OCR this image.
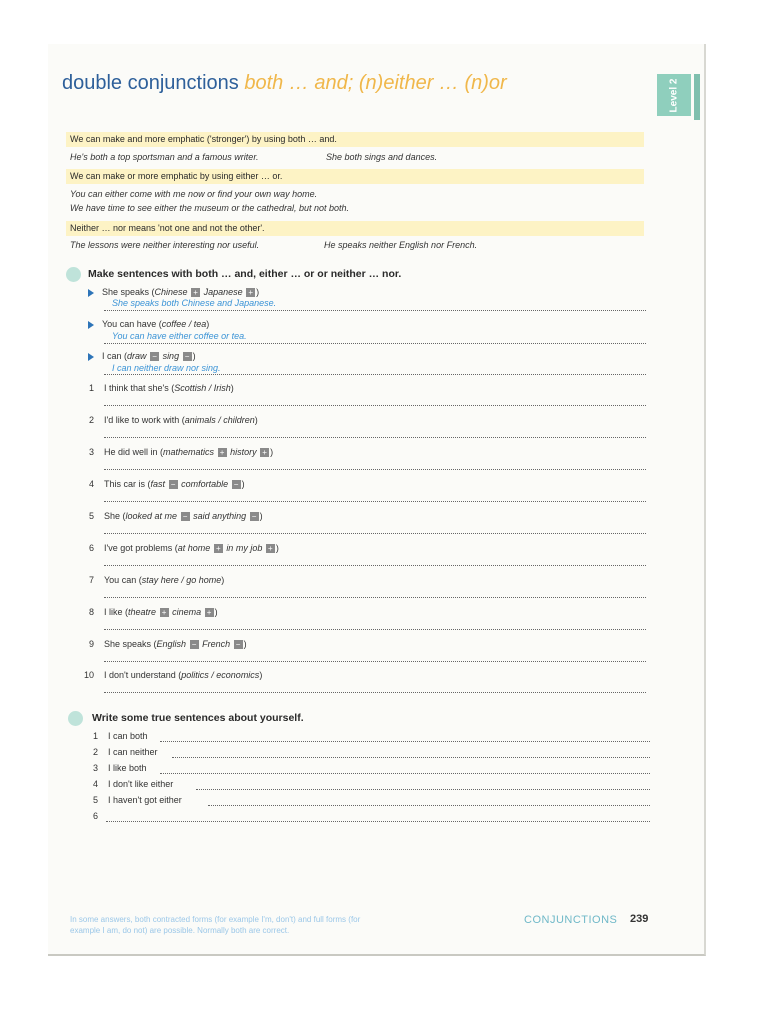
double conjunctions both … and; (n)either … (n)or	Level 2
We can make and more emphatic ('stronger') by using both … and.
He's both a top sportsman and a famous writer.	She both sings and dances.
We can make or more emphatic by using either … or.
You can either come with me now or find your own way home.
We have time to see either the museum or the cathedral, but not both.
Neither … nor means 'not one and not the other'.
The lessons were neither interesting nor useful.	He speaks neither English nor French.
Make sentences with both … and, either … or or neither … nor.
She speaks (Chinese + Japanese + )
She speaks both Chinese and Japanese.
You can have (coffee / tea)
You can have either coffee or tea.
I can (draw − sing − )
I can neither draw nor sing.
1 I think that she's (Scottish / Irish)
2 I'd like to work with (animals / children)
3 He did well in (mathematics + history + )
4 This car is (fast − comfortable − )
5 She (looked at me − said anything − )
6 I've got problems (at home + in my job + )
7 You can (stay here / go home)
8 I like (theatre + cinema + )
9 She speaks (English − French − )
10 I don't understand (politics / economics)
Write some true sentences about yourself.
1 I can both
2 I can neither
3 I like both
4 I don't like either
5 I haven't got either
6
In some answers, both contracted forms (for example I'm, don't) and full forms (for example I am, do not) are possible. Normally both are correct.
CONJUNCTIONS 239
